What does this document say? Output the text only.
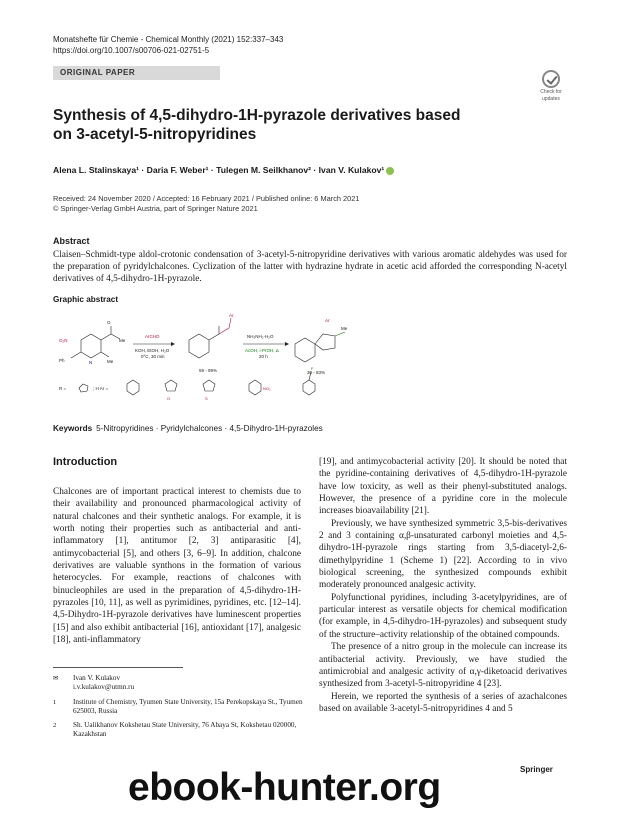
Monatshefte für Chemie - Chemical Monthly (2021) 152:337–343
https://doi.org/10.1007/s00706-021-02751-5
ORIGINAL PAPER
Check for
updates
Synthesis of 4,5-dihydro-1H-pyrazole derivatives based on 3-acetyl-5-nitropyridines
Alena L. Stalinskaya¹ · Daria F. Weber¹ · Tulegen M. Seilkhanov² · Ivan V. Kulakov¹
Received: 24 November 2020 / Accepted: 16 February 2021 / Published online: 6 March 2021
© Springer-Verlag GmbH Austria, part of Springer Nature 2021
Abstract
Claisen–Schmidt-type aldol-crotonic condensation of 3-acetyl-5-nitropyridine derivatives with various aromatic aldehydes was used for the preparation of pyridylchalcones. Cyclization of the latter with hydrazine hydrate in acetic acid afforded the corresponding N-acetyl derivatives of 4,5-dihydro-1H-pyrazole.
Graphic abstract
O₂N
O
Me
Ph	Me
N
ArCHO
KOH, EtOH, H₂O
0°C, 30 min
Ar
59 - 99%
NH₂NH₂·H₂O
AcOH, i-PrOH, Δ
20 h
Ar
Me
30 - 83%
R =	; H Ar =
O	S
NO₂
F
Keywords 5-Nitropyridines · Pyridylchalcones · 4,5-Dihydro-1H-pyrazoles
Introduction

Chalcones are of important practical interest to chemists due to their availability and pronounced pharmacological activity of natural chalcones and their synthetic analogs. For example, it is worth noting their properties such as antibacterial and anti-inflammatory [1], antitumor [2, 3] antiparasitic [4], antimycobacterial [5], and others [3, 6–9]. In addition, chalcone derivatives are valuable synthons in the formation of various heterocycles. For example, reactions of chalcones with binucleophiles are used in the preparation of 4,5-dihydro-1H-pyrazoles [10, 11], as well as pyrimidines, pyridines, etc. [12–14]. 4,5-Dihydro-1H-pyrazole derivatives have luminescent properties [15] and also exhibit antibacterial [16], antioxidant [17], analgesic [18], anti-inflammatory

[19], and antimycobacterial activity [20]. It should be noted that the pyridine-containing derivatives of 4,5-dihydro-1H-pyrazole have low toxicity, as well as their phenyl-substituted analogs. However, the presence of a pyridine core in the molecule increases bioavailability [21].

Previously, we have synthesized symmetric 3,5-bis-derivatives 2 and 3 containing α,β-unsaturated carbonyl moieties and 4,5-dihydro-1H-pyrazole rings starting from 3,5-diacetyl-2,6-dimethylpyridine 1 (Scheme 1) [22]. According to in vivo biological screening, the synthesized compounds exhibit moderately pronounced analgesic activity.

Polyfunctional pyridines, including 3-acetylpyridines, are of particular interest as versatile objects for chemical modification (for example, in 4,5-dihydro-1H-pyrazoles) and subsequent study of the structure–activity relationship of the obtained compounds.

The presence of a nitro group in the molecule can increase its antibacterial activity. Previously, we have studied the antimicrobial and analgesic activity of α,γ-diketoacid derivatives synthesized from 3-acetyl-5-nitropyridine 4 [23].

Herein, we reported the synthesis of a series of azachalcones based on available 3-acetyl-5-nitropyridines 4 and 5

✉ Ivan V. Kulakov
i.v.kulakov@utmn.ru
1 Institute of Chemistry, Tyumen State University, 15a Perekopskaya St., Tyumen 625003, Russia
2 Sh. Ualikhanov Kokshetau State University, 76 Abaya St, Kokshetau 020000, Kazakhstan
ebook-hunter.org	Springer
